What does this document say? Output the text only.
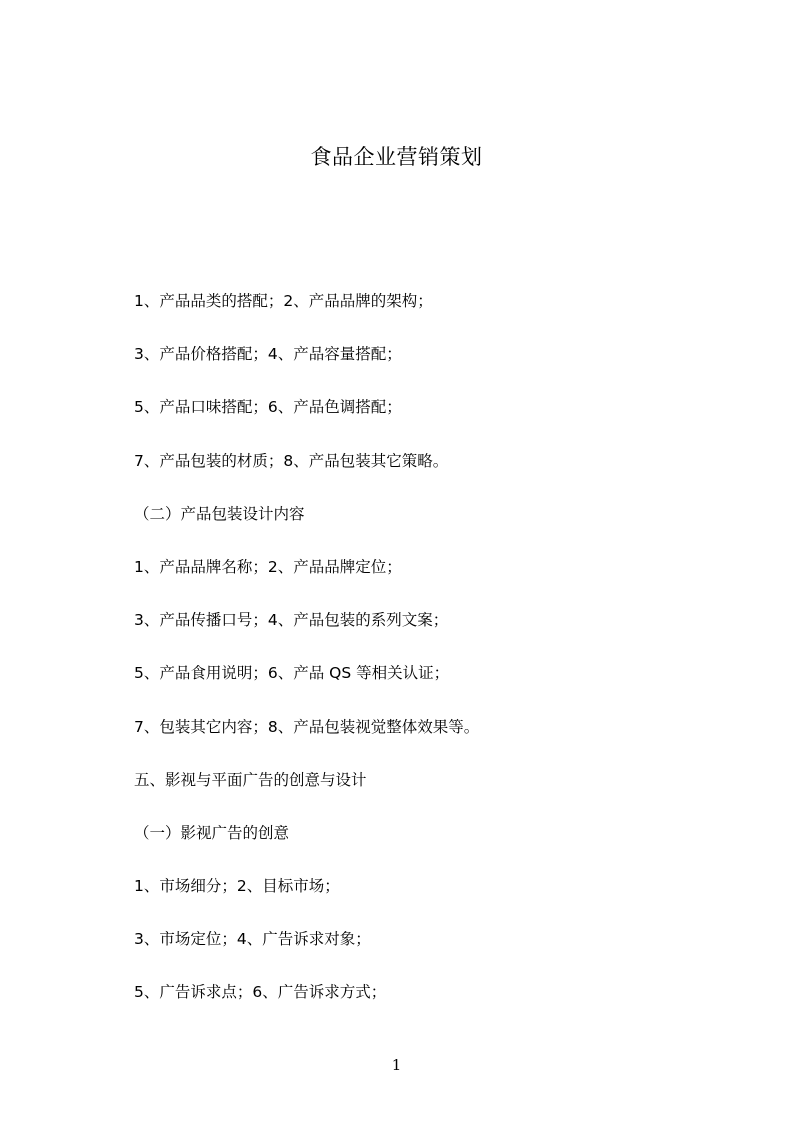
食品企业营销策划
1、产品品类的搭配；2、产品品牌的架构；
3、产品价格搭配；4、产品容量搭配；
5、产品口味搭配；6、产品色调搭配；
7、产品包装的材质；8、产品包装其它策略。
（二）产品包装设计内容
1、产品品牌名称；2、产品品牌定位；
3、产品传播口号；4、产品包装的系列文案；
5、产品食用说明；6、产品 QS 等相关认证；
7、包装其它内容；8、产品包装视觉整体效果等。
五、影视与平面广告的创意与设计
（一）影视广告的创意
1、市场细分；2、目标市场；
3、市场定位；4、广告诉求对象；
5、广告诉求点；6、广告诉求方式；
1
